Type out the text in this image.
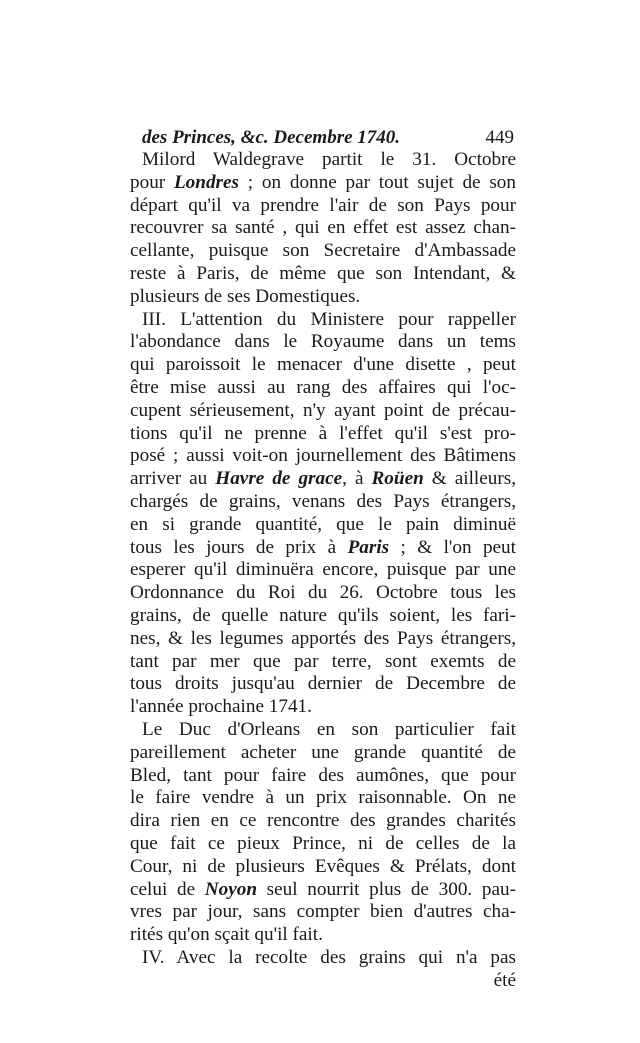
des Princes, &c. Decembre 1740.	449
Milord Waldegrave partit le 31. Octobre
pour Londres ; on donne par tout sujet de son
départ qu'il va prendre l'air de son Pays pour
recouvrer sa santé , qui en effet est assez chan-
cellante, puisque son Secretaire d'Ambassade
reste à Paris, de même que son Intendant, &
plusieurs de ses Domestiques.
III. L'attention du Ministere pour rappeller
l'abondance dans le Royaume dans un tems
qui paroissoit le menacer d'une disette , peut
être mise aussi au rang des affaires qui l'oc-
cupent sérieusement, n'y ayant point de précau-
tions qu'il ne prenne à l'effet qu'il s'est pro-
posé ; aussi voit-on journellement des Bâtimens
arriver au Havre de grace, à Roüen & ailleurs,
chargés de grains, venans des Pays étrangers,
en si grande quantité, que le pain diminuë
tous les jours de prix à Paris ; & l'on peut
esperer qu'il diminuëra encore, puisque par une
Ordonnance du Roi du 26. Octobre tous les
grains, de quelle nature qu'ils soient, les fari-
nes, & les legumes apportés des Pays étrangers,
tant par mer que par terre, sont exemts de
tous droits jusqu'au dernier de Decembre de
l'année prochaine 1741.
Le Duc d'Orleans en son particulier fait
pareillement acheter une grande quantité de
Bled, tant pour faire des aumônes, que pour
le faire vendre à un prix raisonnable. On ne
dira rien en ce rencontre des grandes charités
que fait ce pieux Prince, ni de celles de la
Cour, ni de plusieurs Evêques & Prélats, dont
celui de Noyon seul nourrit plus de 300. pau-
vres par jour, sans compter bien d'autres cha-
rités qu'on sçait qu'il fait.
IV. Avec la recolte des grains qui n'a pas
été
